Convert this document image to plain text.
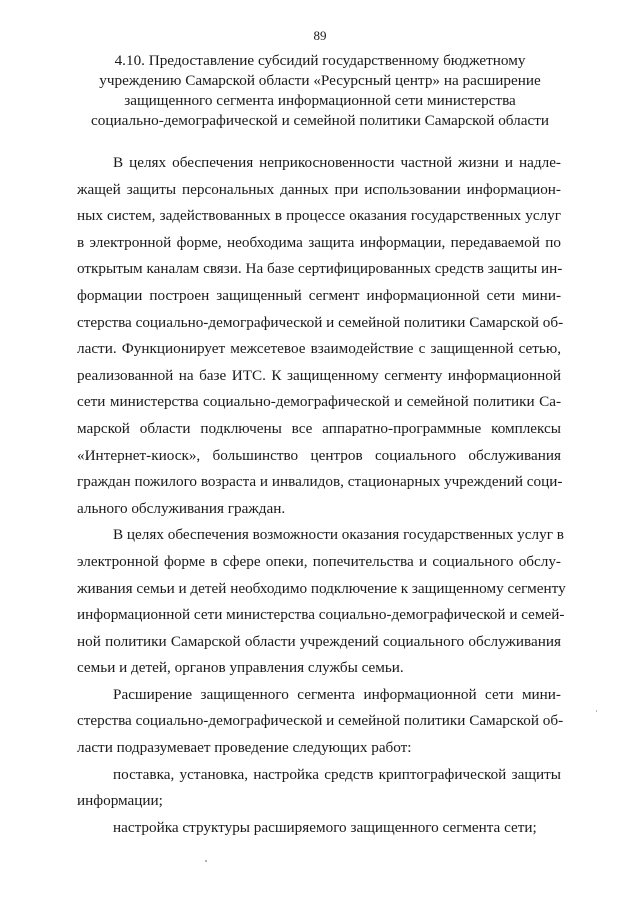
89
4.10. Предоставление субсидий государственному бюджетному
учреждению Самарской области «Ресурсный центр» на расширение
защищенного сегмента информационной сети министерства
социально-демографической и семейной политики Самарской области
В целях обеспечения неприкосновенности частной жизни и надле-
жащей защиты персональных данных при использовании информацион-
ных систем, задействованных в процессе оказания государственных услуг
в электронной форме, необходима защита информации, передаваемой по
открытым каналам связи. На базе сертифицированных средств защиты ин-
формации построен защищенный сегмент информационной сети мини-
стерства социально-демографической и семейной политики Самарской об-
ласти. Функционирует межсетевое взаимодействие с защищенной сетью,
реализованной на базе ИТС. К защищенному сегменту информационной
сети министерства социально-демографической и семейной политики Са-
марской области подключены все аппаратно-программные комплексы
«Интернет-киоск», большинство центров социального обслуживания
граждан пожилого возраста и инвалидов, стационарных учреждений соци-
ального обслуживания граждан.
В целях обеспечения возможности оказания государственных услуг в
электронной форме в сфере опеки, попечительства и социального обслу-
живания семьи и детей необходимо подключение к защищенному сегменту
информационной сети министерства социально-демографической и семей-
ной политики Самарской области учреждений социального обслуживания
семьи и детей, органов управления службы семьи.
Расширение защищенного сегмента информационной сети мини-
стерства социально-демографической и семейной политики Самарской об-
ласти подразумевает проведение следующих работ:
поставка, установка, настройка средств криптографической защиты
информации;
настройка структуры расширяемого защищенного сегмента сети;
